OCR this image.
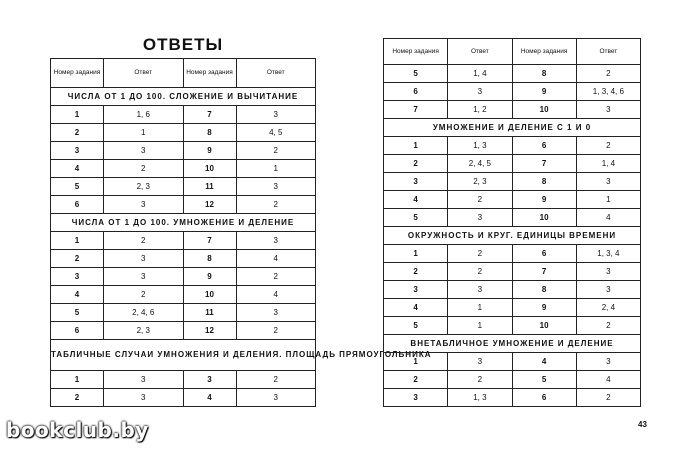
ОТВЕТЫ
Номер задания	Ответ	Номер задания	Ответ
ЧИСЛА ОТ 1 ДО 100. СЛОЖЕНИЕ И ВЫЧИТАНИЕ			
1	1, 6	7	3
2	1	8	4, 5
3	3	9	2
4	2	10	1
5	2, 3	11	3
6	3	12	2
ЧИСЛА ОТ 1 ДО 100. УМНОЖЕНИЕ И ДЕЛЕНИЕ			
1	2	7	3
2	3	8	4
3	3	9	2
4	2	10	4
5	2, 4, 6	11	3
6	2, 3	12	2
ТАБЛИЧНЫЕ СЛУЧАИ УМНОЖЕНИЯ И ДЕЛЕНИЯ. ПЛОЩАДЬ ПРЯМОУГОЛЬНИКА			
1	3	3	2
2	3	4	3
Номер задания	Ответ	Номер задания	Ответ
5	1, 4	8	2
6	3	9	1, 3, 4, 6
7	1, 2	10	3
УМНОЖЕНИЕ И ДЕЛЕНИЕ С 1 И 0			
1	1, 3	6	2
2	2, 4, 5	7	1, 4
3	2, 3	8	3
4	2	9	1
5	3	10	4
ОКРУЖНОСТЬ И КРУГ. ЕДИНИЦЫ ВРЕМЕНИ			
1	2	6	1, 3, 4
2	2	7	3
3	3	8	3
4	1	9	2, 4
5	1	10	2
ВНЕТАБЛИЧНОЕ УМНОЖЕНИЕ И ДЕЛЕНИЕ			
1	3	4	3
2	2	5	4
3	1, 3	6	2
43
bookclub.by
